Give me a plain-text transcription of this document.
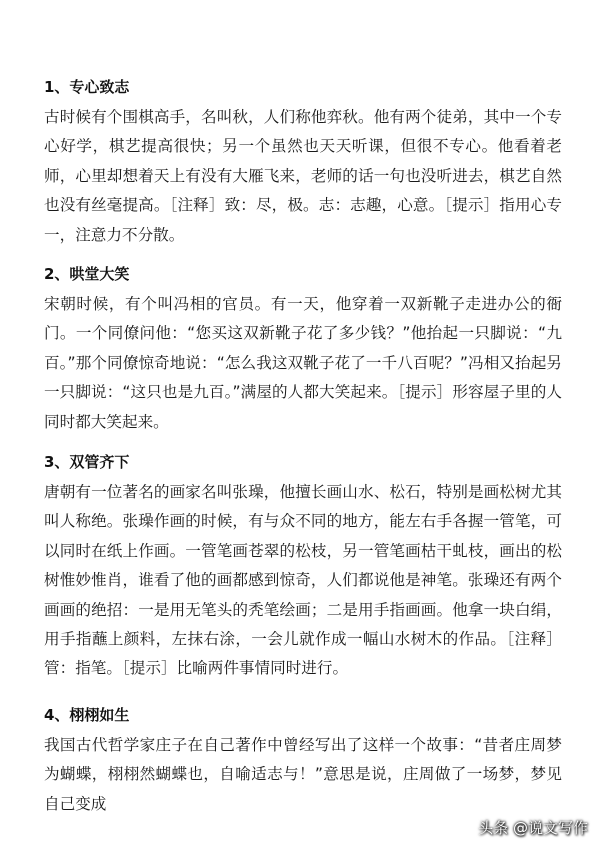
1、专心致志
古时候有个围棋高手，名叫秋，人们称他弈秋。他有两个徒弟，其中一个专心好学，棋艺提高很快；另一个虽然也天天听课，但很不专心。他看着老师，心里却想着天上有没有大雁飞来，老师的话一句也没听进去，棋艺自然也没有丝毫提高。［注释］致：尽，极。志：志趣，心意。［提示］指用心专一，注意力不分散。
2、哄堂大笑
宋朝时候，有个叫冯相的官员。有一天，他穿着一双新靴子走进办公的衙门。一个同僚问他：“您买这双新靴子花了多少钱？”他抬起一只脚说：“九百。”那个同僚惊奇地说：“怎么我这双靴子花了一千八百呢？”冯相又抬起另一只脚说：“这只也是九百。”满屋的人都大笑起来。［提示］形容屋子里的人同时都大笑起来。
3、双管齐下
唐朝有一位著名的画家名叫张璪，他擅长画山水、松石，特别是画松树尤其叫人称绝。张璪作画的时候，有与众不同的地方，能左右手各握一管笔，可以同时在纸上作画。一管笔画苍翠的松枝，另一管笔画枯干虬枝，画出的松树惟妙惟肖，谁看了他的画都感到惊奇，人们都说他是神笔。张璪还有两个画画的绝招：一是用无笔头的秃笔绘画；二是用手指画画。他拿一块白绢，用手指蘸上颜料，左抹右涂，一会儿就作成一幅山水树木的作品。［注释］管：指笔。［提示］比喻两件事情同时进行。
4、栩栩如生
我国古代哲学家庄子在自己著作中曾经写出了这样一个故事：“昔者庄周梦为蝴蝶，栩栩然蝴蝶也，自喻适志与！”意思是说，庄周做了一场梦，梦见自己变成
头条 @说文写作
